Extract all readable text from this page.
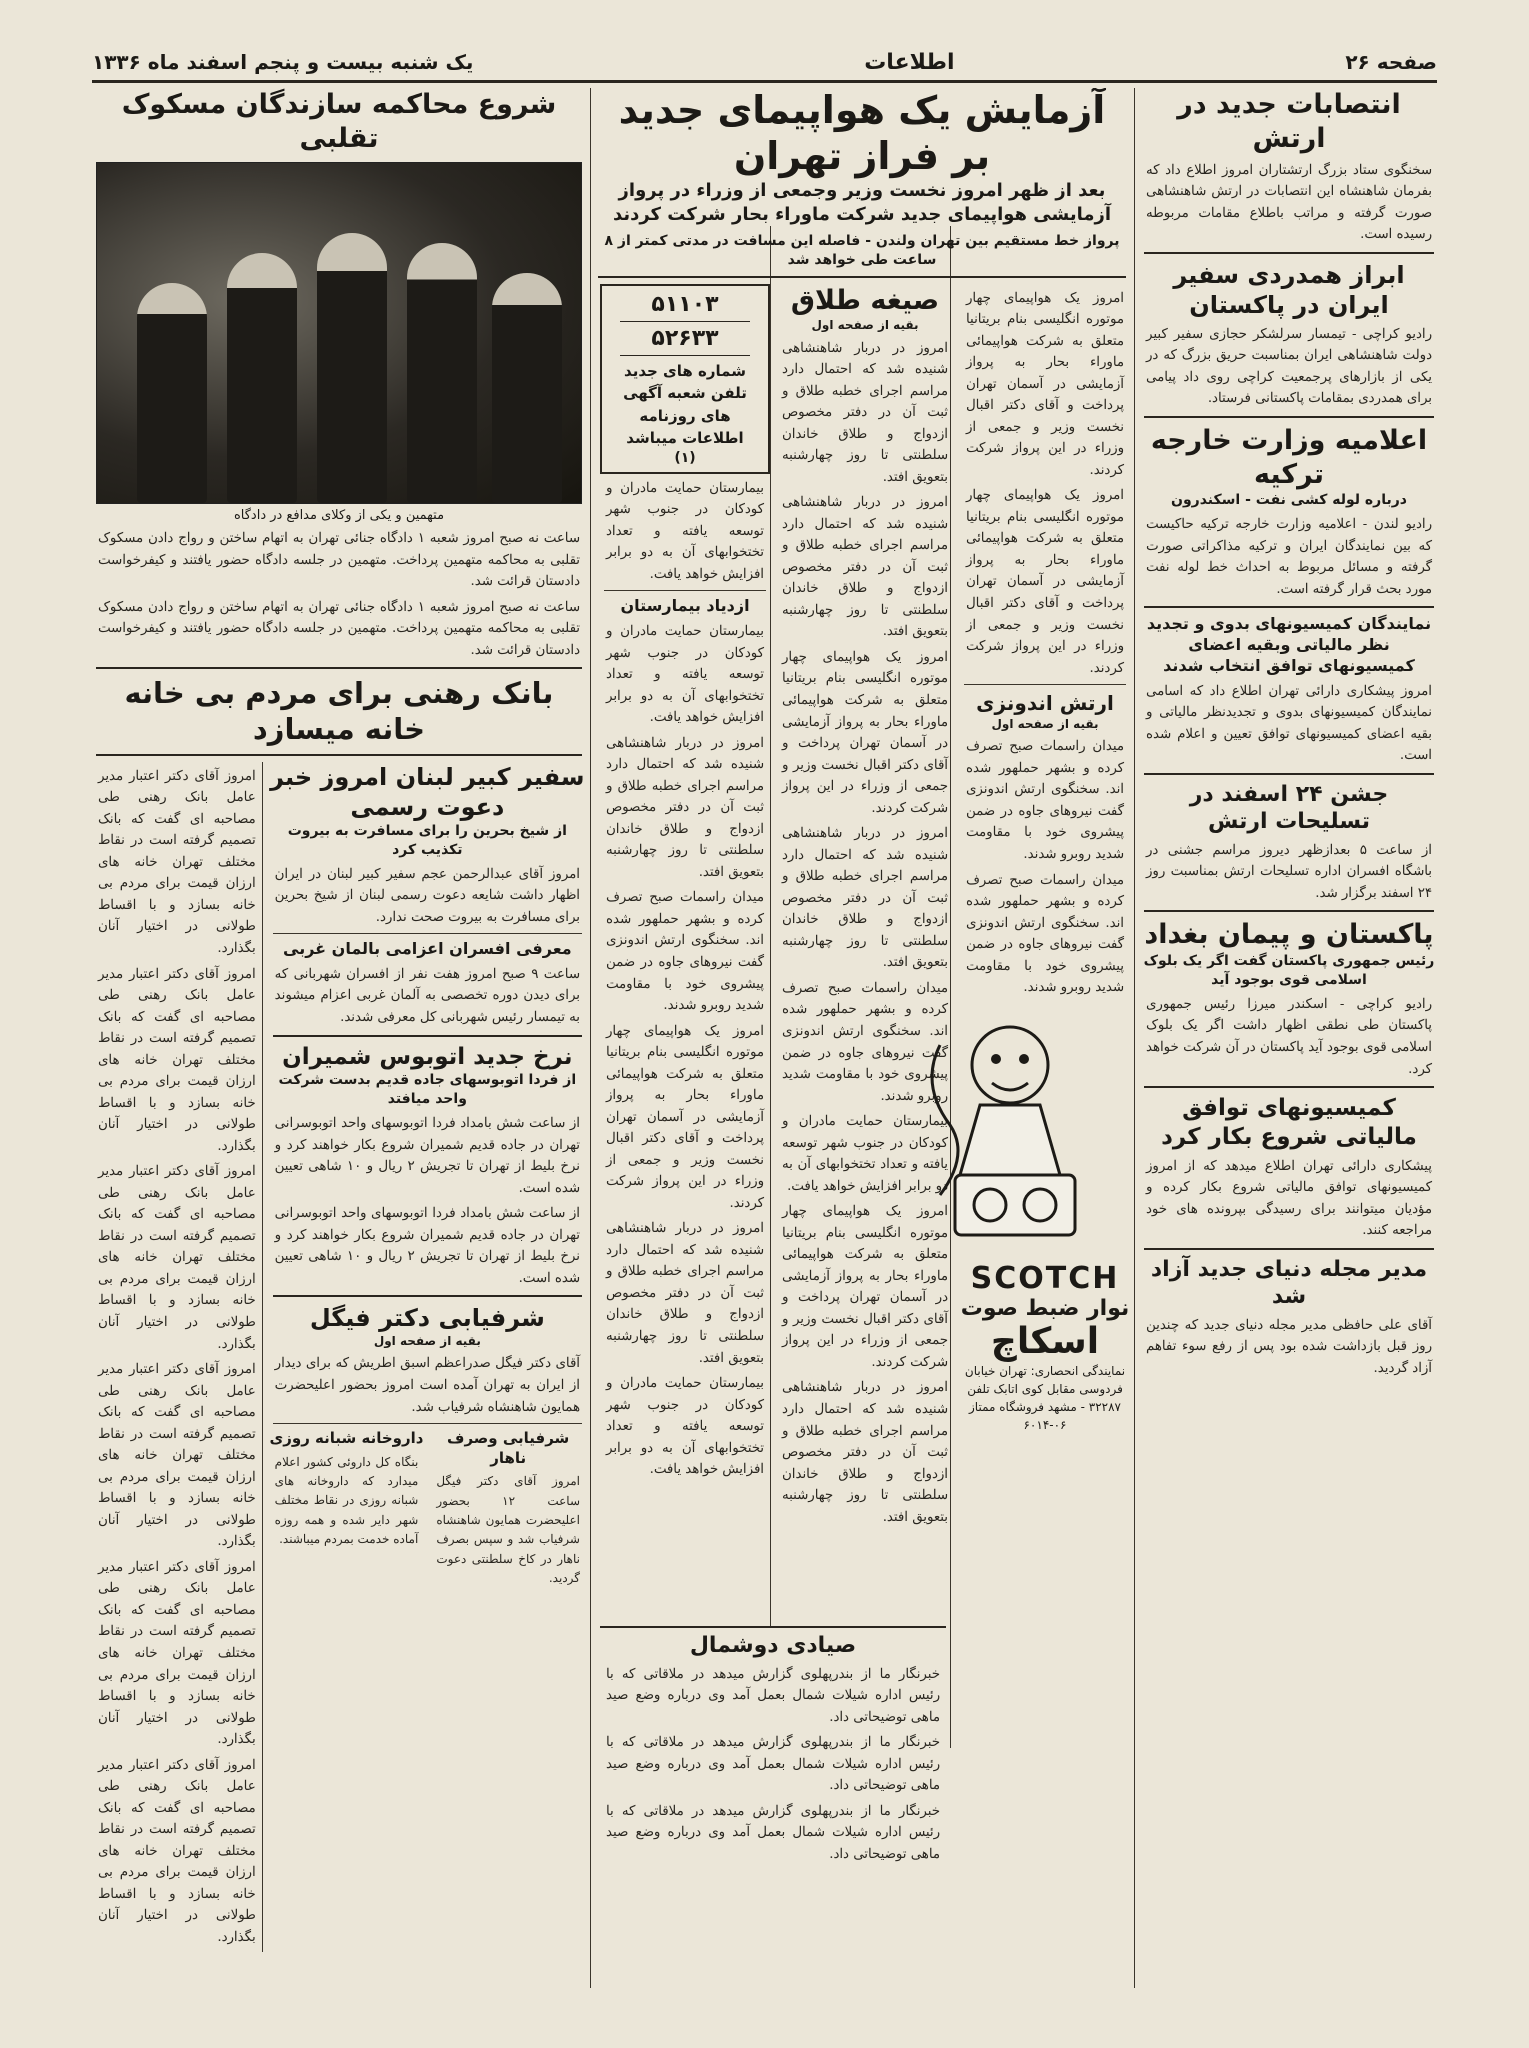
صفحه ۲۶
اطلاعات
یک شنبه بیست و پنجم اسفند ماه ۱۳۳۶
انتصابات جدید در ارتش

سخنگوی ستاد بزرگ ارتشتاران امروز اطلاع داد که بفرمان شاهنشاه این انتصابات در ارتش شاهنشاهی صورت گرفته و مراتب باطلاع مقامات مربوطه رسیده است.

ابراز همدردی سفیر ایران در پاکستان

رادیو کراچی - تیمسار سرلشکر حجازی سفیر کبیر دولت شاهنشاهی ایران بمناسبت حریق بزرگ که در یکی از بازارهای پرجمعیت کراچی روی داد پیامی برای همدردی بمقامات پاکستانی فرستاد.

اعلامیه وزارت خارجه ترکیه
درباره لوله کشی نفت - اسکندرون

رادیو لندن - اعلامیه وزارت خارجه ترکیه حاکیست که بین نمایندگان ایران و ترکیه مذاکراتی صورت گرفته و مسائل مربوط به احداث خط لوله نفت مورد بحث قرار گرفته است.

نمایندگان کمیسیونهای بدوی و تجدید نظر مالیاتی وبقیه اعضای کمیسیونهای توافق انتخاب شدند

امروز پیشکاری دارائی تهران اطلاع داد که اسامی نمایندگان کمیسیونهای بدوی و تجدیدنظر مالیاتی و بقیه اعضای کمیسیونهای توافق تعیین و اعلام شده است.

جشن ۲۴ اسفند در تسلیحات ارتش

از ساعت ۵ بعدازظهر دیروز مراسم جشنی در باشگاه افسران اداره تسلیحات ارتش بمناسبت روز ۲۴ اسفند برگزار شد.

پاکستان و پیمان بغداد
رئیس جمهوری پاکستان گفت اگر یک بلوک اسلامی قوی بوجود آید

رادیو کراچی - اسکندر میرزا رئیس جمهوری پاکستان طی نطقی اظهار داشت اگر یک بلوک اسلامی قوی بوجود آید پاکستان در آن شرکت خواهد کرد.

کمیسیونهای توافق مالیاتی شروع بکار کرد

پیشکاری دارائی تهران اطلاع میدهد که از امروز کمیسیونهای توافق مالیاتی شروع بکار کرده و مؤدیان میتوانند برای رسیدگی بپرونده های خود مراجعه کنند.

مدیر مجله دنیای جدید آزاد شد

آقای علی حافظی مدیر مجله دنیای جدید که چندین روز قبل بازداشت شده بود پس از رفع سوء تفاهم آزاد گردید.

آزمایش یک هواپیمای جدید بر فراز تهران
بعد از ظهر امروز نخست وزیر وجمعی از وزراء در پرواز آزمایشی هواپیمای جدید شرکت ماوراء بحار شرکت کردند
پرواز خط مستقیم بین تهران ولندن - فاصله این مسافت در مدتی کمتر از ۸ ساعت طی خواهد شد

امروز یک هواپیمای چهار موتوره انگلیسی بنام بریتانیا متعلق به شرکت هواپیمائی ماوراء بحار به پرواز آزمایشی در آسمان تهران پرداخت و آقای دکتر اقبال نخست وزیر و جمعی از وزراء در این پرواز شرکت کردند.

امروز یک هواپیمای چهار موتوره انگلیسی بنام بریتانیا متعلق به شرکت هواپیمائی ماوراء بحار به پرواز آزمایشی در آسمان تهران پرداخت و آقای دکتر اقبال نخست وزیر و جمعی از وزراء در این پرواز شرکت کردند.

ارتش اندونزی
بقیه از صفحه اول

میدان راسمات صبح تصرف کرده و بشهر حملهور شده اند. سخنگوی ارتش اندونزی گفت نیروهای جاوه در ضمن پیشروی خود با مقاومت شدید روبرو شدند.

میدان راسمات صبح تصرف کرده و بشهر حملهور شده اند. سخنگوی ارتش اندونزی گفت نیروهای جاوه در ضمن پیشروی خود با مقاومت شدید روبرو شدند.

SCOTCH
نوار ضبط صوت
اسکاچ
نمایندگی انحصاری: تهران خیابان فردوسی مقابل کوی اتابک تلفن ۳۲۲۸۷ - مشهد فروشگاه ممتاز ۰۶-۶۰۱۴
صیغه طلاق
بقیه از صفحه اول

امروز در دربار شاهنشاهی شنیده شد که احتمال دارد مراسم اجرای خطبه طلاق و ثبت آن در دفتر مخصوص ازدواج و طلاق خاندان سلطنتی تا روز چهارشنبه بتعویق افتد.

امروز در دربار شاهنشاهی شنیده شد که احتمال دارد مراسم اجرای خطبه طلاق و ثبت آن در دفتر مخصوص ازدواج و طلاق خاندان سلطنتی تا روز چهارشنبه بتعویق افتد.

امروز یک هواپیمای چهار موتوره انگلیسی بنام بریتانیا متعلق به شرکت هواپیمائی ماوراء بحار به پرواز آزمایشی در آسمان تهران پرداخت و آقای دکتر اقبال نخست وزیر و جمعی از وزراء در این پرواز شرکت کردند.

امروز در دربار شاهنشاهی شنیده شد که احتمال دارد مراسم اجرای خطبه طلاق و ثبت آن در دفتر مخصوص ازدواج و طلاق خاندان سلطنتی تا روز چهارشنبه بتعویق افتد.

میدان راسمات صبح تصرف کرده و بشهر حملهور شده اند. سخنگوی ارتش اندونزی گفت نیروهای جاوه در ضمن پیشروی خود با مقاومت شدید روبرو شدند.

بیمارستان حمایت مادران و کودکان در جنوب شهر توسعه یافته و تعداد تختخوابهای آن به دو برابر افزایش خواهد یافت.

امروز یک هواپیمای چهار موتوره انگلیسی بنام بریتانیا متعلق به شرکت هواپیمائی ماوراء بحار به پرواز آزمایشی در آسمان تهران پرداخت و آقای دکتر اقبال نخست وزیر و جمعی از وزراء در این پرواز شرکت کردند.

امروز در دربار شاهنشاهی شنیده شد که احتمال دارد مراسم اجرای خطبه طلاق و ثبت آن در دفتر مخصوص ازدواج و طلاق خاندان سلطنتی تا روز چهارشنبه بتعویق افتد.

۵۱۱۰۳
۵۲۶۳۳
شماره های جدید تلفن شعبه آگهی های روزنامه اطلاعات میباشد
(۱)

بیمارستان حمایت مادران و کودکان در جنوب شهر توسعه یافته و تعداد تختخوابهای آن به دو برابر افزایش خواهد یافت.

ازدیاد بیمارستان

بیمارستان حمایت مادران و کودکان در جنوب شهر توسعه یافته و تعداد تختخوابهای آن به دو برابر افزایش خواهد یافت.

امروز در دربار شاهنشاهی شنیده شد که احتمال دارد مراسم اجرای خطبه طلاق و ثبت آن در دفتر مخصوص ازدواج و طلاق خاندان سلطنتی تا روز چهارشنبه بتعویق افتد.

میدان راسمات صبح تصرف کرده و بشهر حملهور شده اند. سخنگوی ارتش اندونزی گفت نیروهای جاوه در ضمن پیشروی خود با مقاومت شدید روبرو شدند.

امروز یک هواپیمای چهار موتوره انگلیسی بنام بریتانیا متعلق به شرکت هواپیمائی ماوراء بحار به پرواز آزمایشی در آسمان تهران پرداخت و آقای دکتر اقبال نخست وزیر و جمعی از وزراء در این پرواز شرکت کردند.

امروز در دربار شاهنشاهی شنیده شد که احتمال دارد مراسم اجرای خطبه طلاق و ثبت آن در دفتر مخصوص ازدواج و طلاق خاندان سلطنتی تا روز چهارشنبه بتعویق افتد.

بیمارستان حمایت مادران و کودکان در جنوب شهر توسعه یافته و تعداد تختخوابهای آن به دو برابر افزایش خواهد یافت.

صیادی دوشمال

خبرنگار ما از بندرپهلوی گزارش میدهد در ملاقاتی که با رئیس اداره شیلات شمال بعمل آمد وی درباره وضع صید ماهی توضیحاتی داد.

خبرنگار ما از بندرپهلوی گزارش میدهد در ملاقاتی که با رئیس اداره شیلات شمال بعمل آمد وی درباره وضع صید ماهی توضیحاتی داد.

خبرنگار ما از بندرپهلوی گزارش میدهد در ملاقاتی که با رئیس اداره شیلات شمال بعمل آمد وی درباره وضع صید ماهی توضیحاتی داد.

شروع محاکمه سازندگان مسکوک تقلبی
متهمین و یکی از وکلای مدافع در دادگاه

ساعت نه صبح امروز شعبه ۱ دادگاه جنائی تهران به اتهام ساختن و رواج دادن مسکوک تقلبی به محاکمه متهمین پرداخت. متهمین در جلسه دادگاه حضور یافتند و کیفرخواست دادستان قرائت شد.

ساعت نه صبح امروز شعبه ۱ دادگاه جنائی تهران به اتهام ساختن و رواج دادن مسکوک تقلبی به محاکمه متهمین پرداخت. متهمین در جلسه دادگاه حضور یافتند و کیفرخواست دادستان قرائت شد.

بانک رهنی برای مردم بی خانه خانه میسازد
سفیر کبیر لبنان امروز خبر دعوت رسمی
از شیخ بحرین را برای مسافرت به بیروت تکذیب کرد

امروز آقای عبدالرحمن عجم سفیر کبیر لبنان در ایران اظهار داشت شایعه دعوت رسمی لبنان از شیخ بحرین برای مسافرت به بیروت صحت ندارد.

معرفی افسران اعزامی بالمان غربی

ساعت ۹ صبح امروز هفت نفر از افسران شهربانی که برای دیدن دوره تخصصی به آلمان غربی اعزام میشوند به تیمسار رئیس شهربانی کل معرفی شدند.

نرخ جدید اتوبوس شمیران
از فردا اتوبوسهای جاده قدیم بدست شرکت واحد میافتد

از ساعت شش بامداد فردا اتوبوسهای واحد اتوبوسرانی تهران در جاده قدیم شمیران شروع بکار خواهند کرد و نرخ بلیط از تهران تا تجریش ۲ ریال و ۱۰ شاهی تعیین شده است.

از ساعت شش بامداد فردا اتوبوسهای واحد اتوبوسرانی تهران در جاده قدیم شمیران شروع بکار خواهند کرد و نرخ بلیط از تهران تا تجریش ۲ ریال و ۱۰ شاهی تعیین شده است.

شرفیابی دکتر فیگل
بقیه از صفحه اول

آقای دکتر فیگل صدراعظم اسبق اطریش که برای دیدار از ایران به تهران آمده است امروز بحضور اعلیحضرت همایون شاهنشاه شرفیاب شد.

شرفیابی وصرف ناهار

امروز آقای دکتر فیگل ساعت ۱۲ بحضور اعلیحضرت همایون شاهنشاه شرفیاب شد و سپس بصرف ناهار در کاخ سلطنتی دعوت گردید.

داروخانه شبانه روزی

بنگاه کل داروئی کشور اعلام میدارد که داروخانه های شبانه روزی در نقاط مختلف شهر دایر شده و همه روزه آماده خدمت بمردم میباشند.

امروز آقای دکتر اعتبار مدیر عامل بانک رهنی طی مصاحبه ای گفت که بانک تصمیم گرفته است در نقاط مختلف تهران خانه های ارزان قیمت برای مردم بی خانه بسازد و با اقساط طولانی در اختیار آنان بگذارد.

امروز آقای دکتر اعتبار مدیر عامل بانک رهنی طی مصاحبه ای گفت که بانک تصمیم گرفته است در نقاط مختلف تهران خانه های ارزان قیمت برای مردم بی خانه بسازد و با اقساط طولانی در اختیار آنان بگذارد.

امروز آقای دکتر اعتبار مدیر عامل بانک رهنی طی مصاحبه ای گفت که بانک تصمیم گرفته است در نقاط مختلف تهران خانه های ارزان قیمت برای مردم بی خانه بسازد و با اقساط طولانی در اختیار آنان بگذارد.

امروز آقای دکتر اعتبار مدیر عامل بانک رهنی طی مصاحبه ای گفت که بانک تصمیم گرفته است در نقاط مختلف تهران خانه های ارزان قیمت برای مردم بی خانه بسازد و با اقساط طولانی در اختیار آنان بگذارد.

امروز آقای دکتر اعتبار مدیر عامل بانک رهنی طی مصاحبه ای گفت که بانک تصمیم گرفته است در نقاط مختلف تهران خانه های ارزان قیمت برای مردم بی خانه بسازد و با اقساط طولانی در اختیار آنان بگذارد.

امروز آقای دکتر اعتبار مدیر عامل بانک رهنی طی مصاحبه ای گفت که بانک تصمیم گرفته است در نقاط مختلف تهران خانه های ارزان قیمت برای مردم بی خانه بسازد و با اقساط طولانی در اختیار آنان بگذارد.
